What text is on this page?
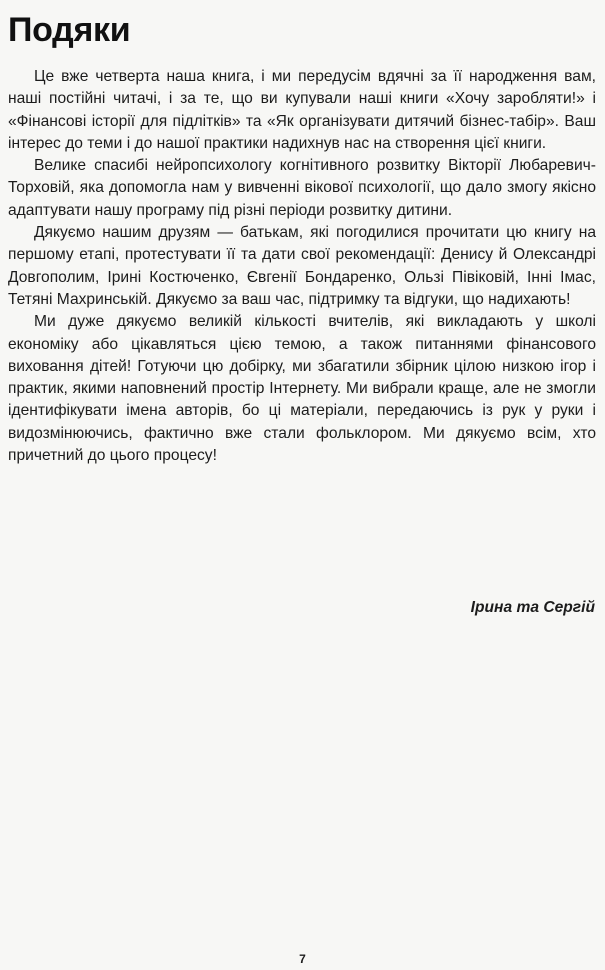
Подяки

Це вже четверта наша книга, і ми передусім вдячні за її народження вам, наші постійні читачі, і за те, що ви купували наші книги «Хочу заробляти!» і «Фінансові історії для підлітків» та «Як організувати дитячий бізнес-табір». Ваш інтерес до теми і до нашої практики надихнув нас на створення цієї книги.

Велике спасибі нейропсихологу когнітивного розвитку Вікторії Любаревич-Торховій, яка допомогла нам у вивченні вікової психології, що дало змогу якісно адаптувати нашу програму під різні періоди розвитку дитини.

Дякуємо нашим друзям — батькам, які погодилися прочитати цю книгу на першому етапі, протестувати її та дати свої рекомендації: Денису й Олександрі Довгополим, Ірині Костюченко, Євгенії Бондаренко, Ользі Півіковій, Інні Імас, Тетяні Махринській. Дякуємо за ваш час, підтримку та відгуки, що надихають!

Ми дуже дякуємо великій кількості вчителів, які викладають у школі економіку або цікавляться цією темою, а також питаннями фінансового виховання дітей! Готуючи цю добірку, ми збагатили збірник цілою низкою ігор і практик, якими наповнений простір Інтернету. Ми вибрали краще, але не змогли ідентифікувати імена авторів, бо ці матеріали, передаючись із рук у руки і видозмінюючись, фактично вже стали фольклором. Ми дякуємо всім, хто причетний до цього процесу!

Ірина та Сергій

7
